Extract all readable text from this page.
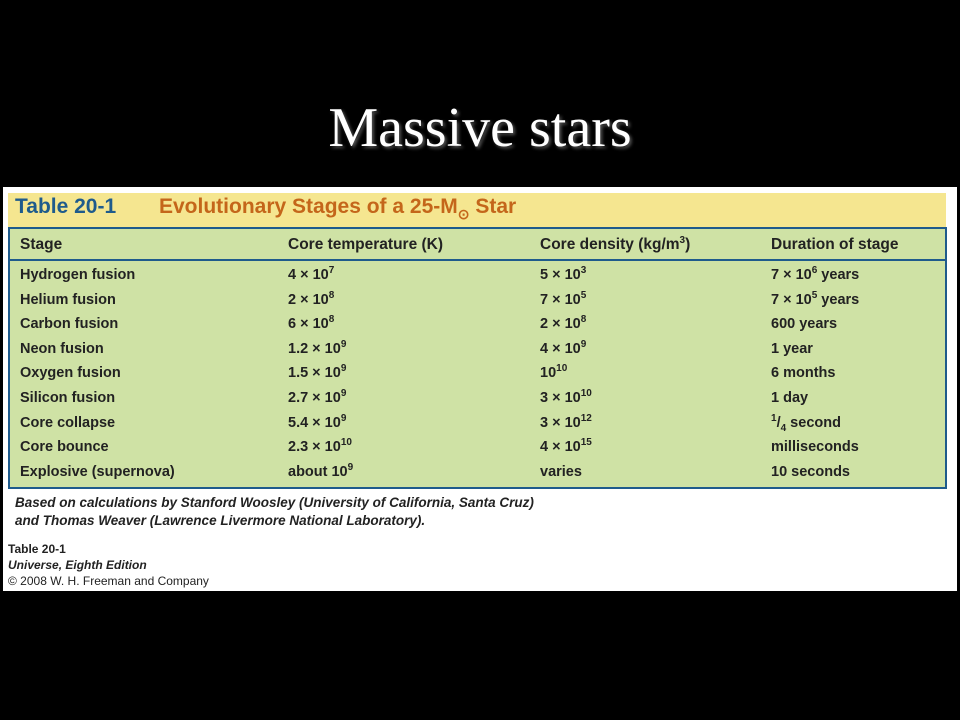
Massive stars
Table 20-1 Evolutionary Stages of a $25-M_⊙$ Star
Stage	Core temperature (K)	Core density $(kg/m^3)$	Duration of stage
Hydrogen fusion	$4 \times 10^7$	$5 \times 10^3$	$7 \times 10^6$ years
Helium fusion	$2 \times 10^8$	$7 \times 10^5$	$7 \times 10^5$ years
Carbon fusion	$6 \times 10^8$	$2 \times 10^8$	600 years
Neon fusion	$1.2 \times 10^9$	$4 \times 10^9$	1 year
Oxygen fusion	$1.5 \times 10^9$	$10^{10}$	6 months
Silicon fusion	$2.7 \times 10^9$	$3 \times 10^{10}$	1 day
Core collapse	$5.4 \times 10^9$	$3 \times 10^{12}$	$^1/_4$ second
Core bounce	$2.3 \times 10^{10}$	$4 \times 10^{15}$	milliseconds
Explosive (supernova)	about $10^9$	varies	10 seconds
Based on calculations by Stanford Woosley (University of California, Santa Cruz)
and Thomas Weaver (Lawrence Livermore National Laboratory).
Table 20-1
Universe, Eighth Edition
© 2008 W. H. Freeman and Company
